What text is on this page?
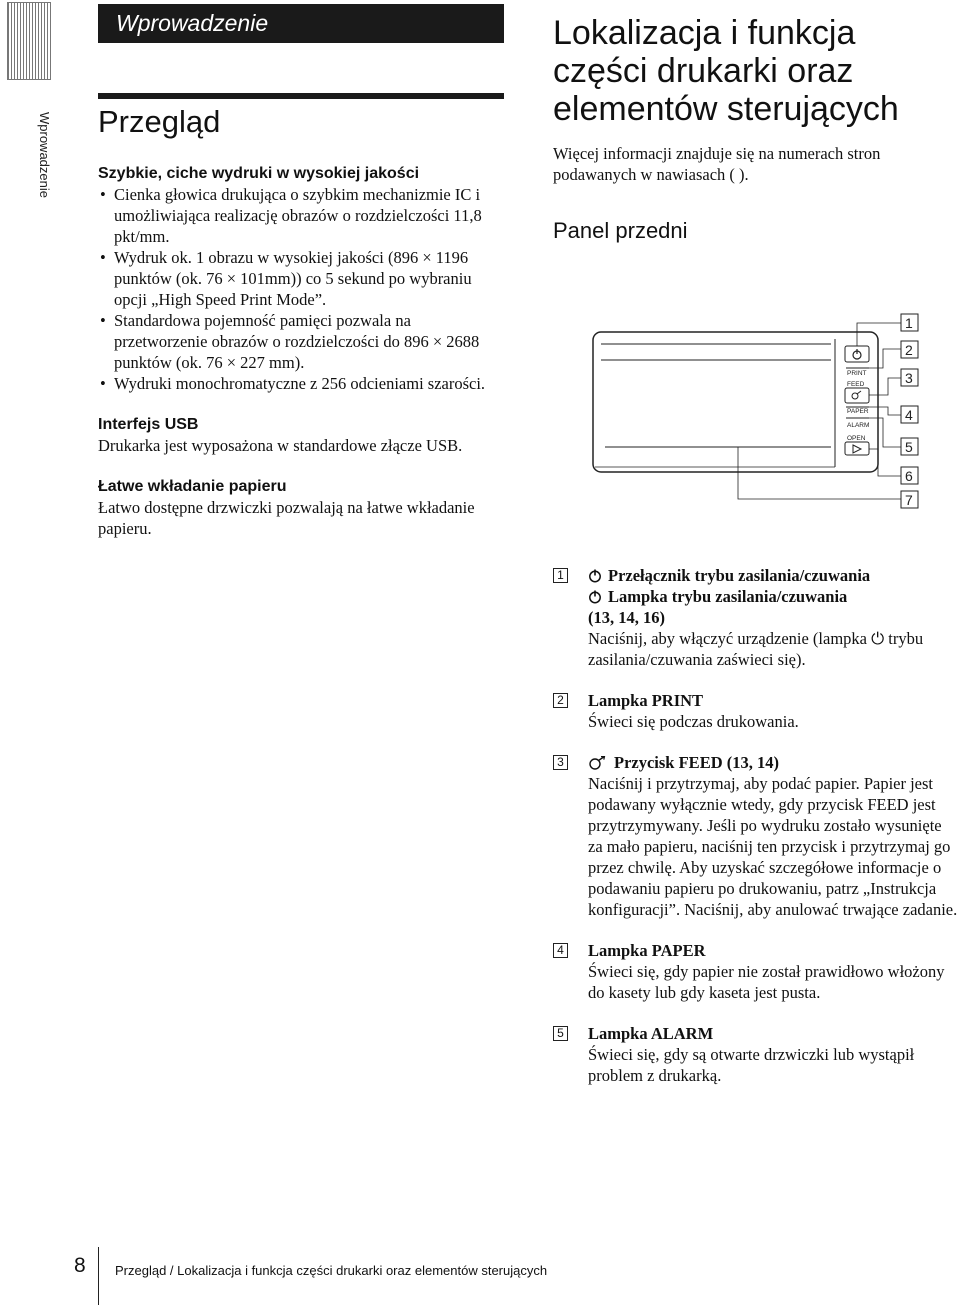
Wprowadzenie
Wprowadzenie
Przegląd
Szybkie, ciche wydruki w wysokiej jakości
• Cienka głowica drukująca o szybkim mechanizmie IC i umożliwiająca realizację obrazów o rozdzielczości 11,8 pkt/mm.
• Wydruk ok. 1 obrazu w wysokiej jakości (896 × 1196 punktów (ok. 76 × 101mm)) co 5 sekund po wybraniu opcji „High Speed Print Mode”.
• Standardowa pojemność pamięci pozwala na przetworzenie obrazów o rozdzielczości do 896 × 2688 punktów (ok. 76 × 227 mm).
• Wydruki monochromatyczne z 256 odcieniami szarości.
Interfejs USB

Drukarka jest wyposażona w standardowe złącze USB.

Łatwe wkładanie papieru

Łatwo dostępne drzwiczki pozwalają na łatwe wkładanie papieru.

Lokalizacja i funkcja części drukarki oraz elementów sterujących
Więcej informacji znajduje się na numerach stron podawanych w nawiasach ( ).
Panel przedni
PRINT
FEED
PAPER
ALARM
OPEN
1
2
3
4
5
6
7
1	Przełącznik trybu zasilania/czuwania
Lampka trybu zasilania/czuwania
(13, 14, 16)

Naciśnij, aby włączyć urządzenie (lampka ⏻ trybu zasilania/czuwania zaświeci się).

2 Lampka PRINT

Świeci się podczas drukowania.

3	Przycisk FEED (13, 14)

Naciśnij i przytrzymaj, aby podać papier. Papier jest podawany wyłącznie wtedy, gdy przycisk FEED jest przytrzymywany. Jeśli po wydruku zostało wysunięte za mało papieru, naciśnij ten przycisk i przytrzymaj go przez chwilę. Aby uzyskać szczegółowe informacje o podawaniu papieru po drukowaniu, patrz „Instrukcja konfiguracji”. Naciśnij, aby anulować trwające zadanie.

4 Lampka PAPER

Świeci się, gdy papier nie został prawidłowo włożony do kasety lub gdy kaseta jest pusta.

5 Lampka ALARM

Świeci się, gdy są otwarte drzwiczki lub wystąpił problem z drukarką.

8 Przegląd / Lokalizacja i funkcja części drukarki oraz elementów sterujących
